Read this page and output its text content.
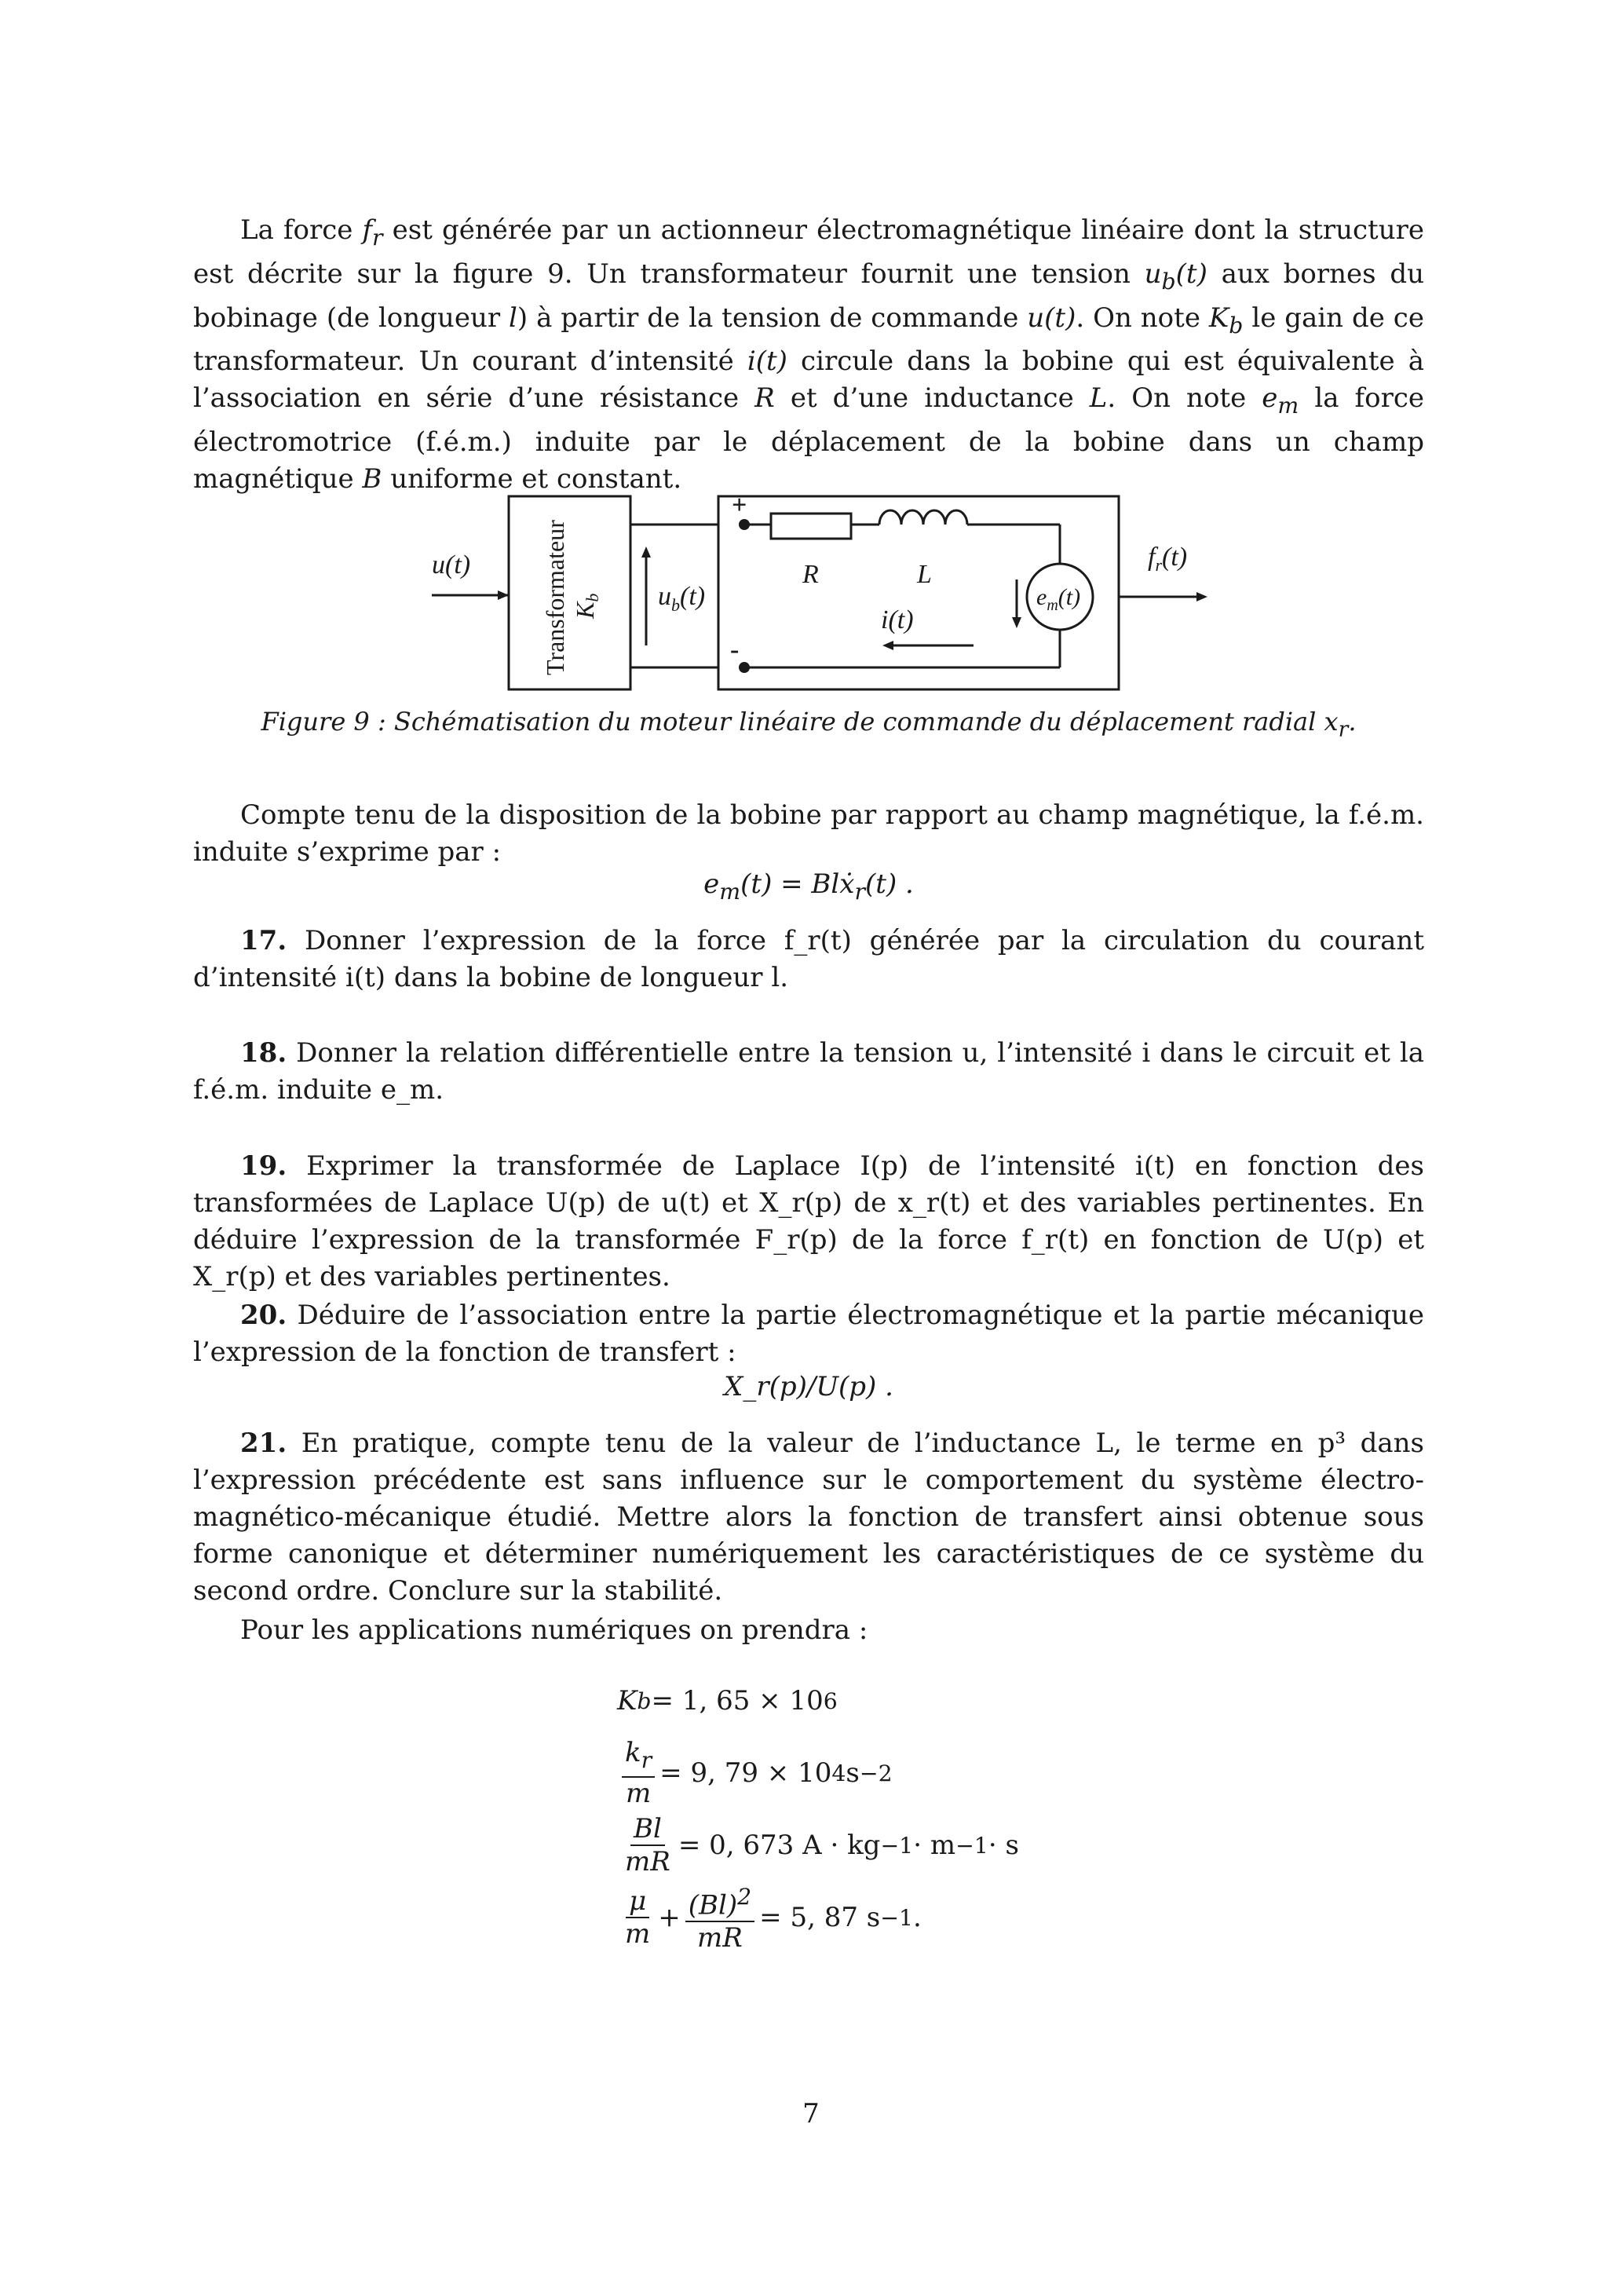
La force $f_r$ est générée par un actionneur électromagnétique linéaire dont la structure est décrite sur la figure 9. Un transformateur fournit une tension $u_b(t)$ aux bornes du bobinage (de longueur l) à partir de la tension de commande u(t). On note $K_b$ le gain de ce transformateur. Un courant d’intensité i(t) circule dans la bobine qui est équivalente à l’association en série d’une résistance R et d’une inductance L. On note $e_m$ la force électromotrice (f.é.m.) induite par le déplacement de la bobine dans un champ magnétique B uniforme et constant.

u(t)	Transformateur Kb $u_b(t)$
+
-
R	L
i(t)
$e_m(t)$
$f_r(t)$
Figure 9 : Schématisation du moteur linéaire de commande du déplacement radial $x_r$.

Compte tenu de la disposition de la bobine par rapport au champ magnétique, la f.é.m. induite s’exprime par :

$e_m(t)$ = Blẋ$_r$(t) .

17. Donner l’expression de la force f_r(t) générée par la circulation du courant d’intensité i(t) dans la bobine de longueur l.

18. Donner la relation différentielle entre la tension u, l’intensité i dans le circuit et la f.é.m. induite e_m.

19. Exprimer la transformée de Laplace I(p) de l’intensité i(t) en fonction des transformées de Laplace U(p) de u(t) et X_r(p) de x_r(t) et des variables pertinentes. En déduire l’expression de la transformée F_r(p) de la force f_r(t) en fonction de U(p) et X_r(p) et des variables pertinentes.

20. Déduire de l’association entre la partie électromagnétique et la partie mécanique l’expression de la fonction de transfert :

X_r(p)/U(p) .

21. En pratique, compte tenu de la valeur de l’inductance L, le terme en p³ dans l’expression précédente est sans influence sur le comportement du système électro-magnético-mécanique étudié. Mettre alors la fonction de transfert ainsi obtenue sous forme canonique et déterminer numériquement les caractéristiques de ce système du second ordre. Conclure sur la stabilité.

Pour les applications numériques on prendra :

K b = 1, 65 × 10 6
$\frac{k_r}{m} = 9$, 79 × 10 4 s −2
$\frac{Bl}{mR} = 0$, 673 A · kg −1 · m −1 · s
$\frac{\mu}{m} + \frac{(Bl)^2}{mR} = 5$, 87 s −1 .
7
